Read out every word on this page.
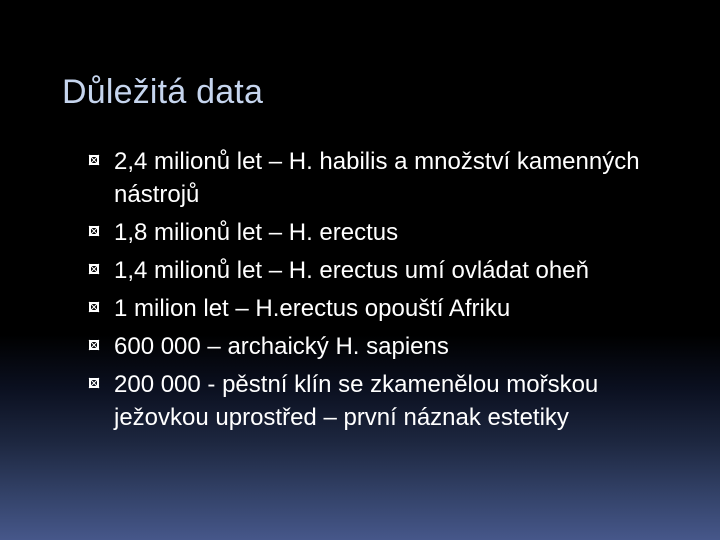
Důležitá data
2,4 milionů let – H. habilis a množství kamenných nástrojů
1,8 milionů let – H. erectus
1,4 milionů let – H. erectus umí ovládat oheň
1 milion let – H.erectus opouští Afriku
600 000 – archaický H. sapiens
200 000 - pěstní klín se zkamenělou mořskou ježovkou uprostřed – první náznak estetiky
